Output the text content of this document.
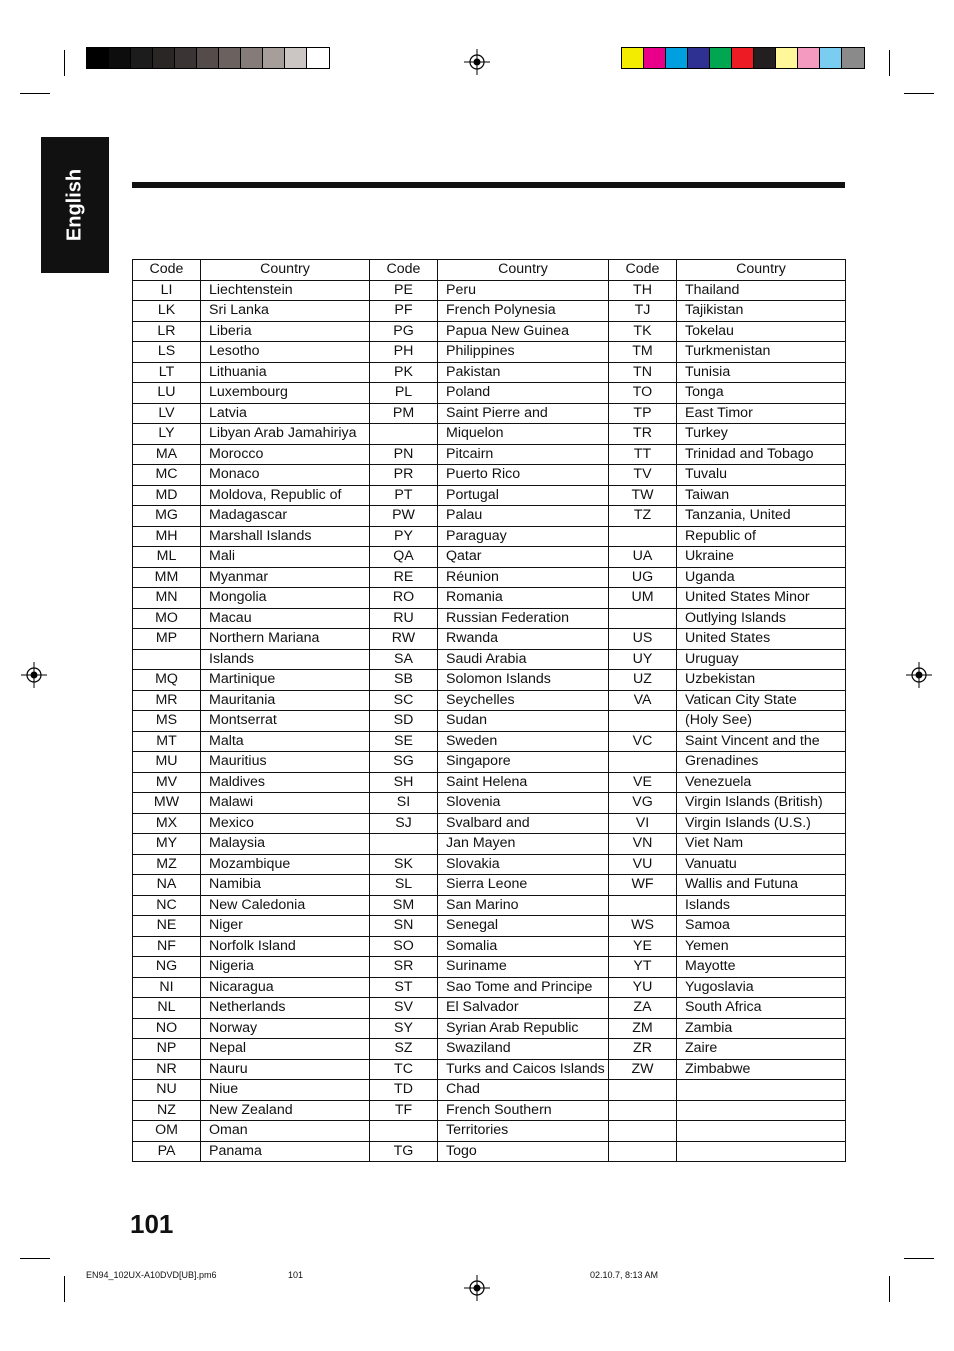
English
Code	Country	Code	Country	Code	Country
LI	Liechtenstein	PE	Peru	TH	Thailand
LK	Sri Lanka	PF	French Polynesia	TJ	Tajikistan
LR	Liberia	PG	Papua New Guinea	TK	Tokelau
LS	Lesotho	PH	Philippines	TM	Turkmenistan
LT	Lithuania	PK	Pakistan	TN	Tunisia
LU	Luxembourg	PL	Poland	TO	Tonga
LV	Latvia	PM	Saint Pierre and	TP	East Timor
LY	Libyan Arab Jamahiriya		Miquelon	TR	Turkey
MA	Morocco	PN	Pitcairn	TT	Trinidad and Tobago
MC	Monaco	PR	Puerto Rico	TV	Tuvalu
MD	Moldova, Republic of	PT	Portugal	TW	Taiwan
MG	Madagascar	PW	Palau	TZ	Tanzania, United
MH	Marshall Islands	PY	Paraguay		Republic of
ML	Mali	QA	Qatar	UA	Ukraine
MM	Myanmar	RE	Réunion	UG	Uganda
MN	Mongolia	RO	Romania	UM	United States Minor
MO	Macau	RU	Russian Federation		Outlying Islands
MP	Northern Mariana	RW	Rwanda	US	United States
	Islands	SA	Saudi Arabia	UY	Uruguay
MQ	Martinique	SB	Solomon Islands	UZ	Uzbekistan
MR	Mauritania	SC	Seychelles	VA	Vatican City State
MS	Montserrat	SD	Sudan		(Holy See)
MT	Malta	SE	Sweden	VC	Saint Vincent and the
MU	Mauritius	SG	Singapore		Grenadines
MV	Maldives	SH	Saint Helena	VE	Venezuela
MW	Malawi	SI	Slovenia	VG	Virgin Islands (British)
MX	Mexico	SJ	Svalbard and	VI	Virgin Islands (U.S.)
MY	Malaysia		Jan Mayen	VN	Viet Nam
MZ	Mozambique	SK	Slovakia	VU	Vanuatu
NA	Namibia	SL	Sierra Leone	WF	Wallis and Futuna
NC	New Caledonia	SM	San Marino		Islands
NE	Niger	SN	Senegal	WS	Samoa
NF	Norfolk Island	SO	Somalia	YE	Yemen
NG	Nigeria	SR	Suriname	YT	Mayotte
NI	Nicaragua	ST	Sao Tome and Principe	YU	Yugoslavia
NL	Netherlands	SV	El Salvador	ZA	South Africa
NO	Norway	SY	Syrian Arab Republic	ZM	Zambia
NP	Nepal	SZ	Swaziland	ZR	Zaire
NR	Nauru	TC	Turks and Caicos Islands	ZW	Zimbabwe
NU	Niue	TD	Chad		
NZ	New Zealand	TF	French Southern		
OM	Oman		Territories		
PA	Panama	TG	Togo		
101
EN94_102UX-A10DVD[UB].pm6	101	02.10.7, 8:13 AM
